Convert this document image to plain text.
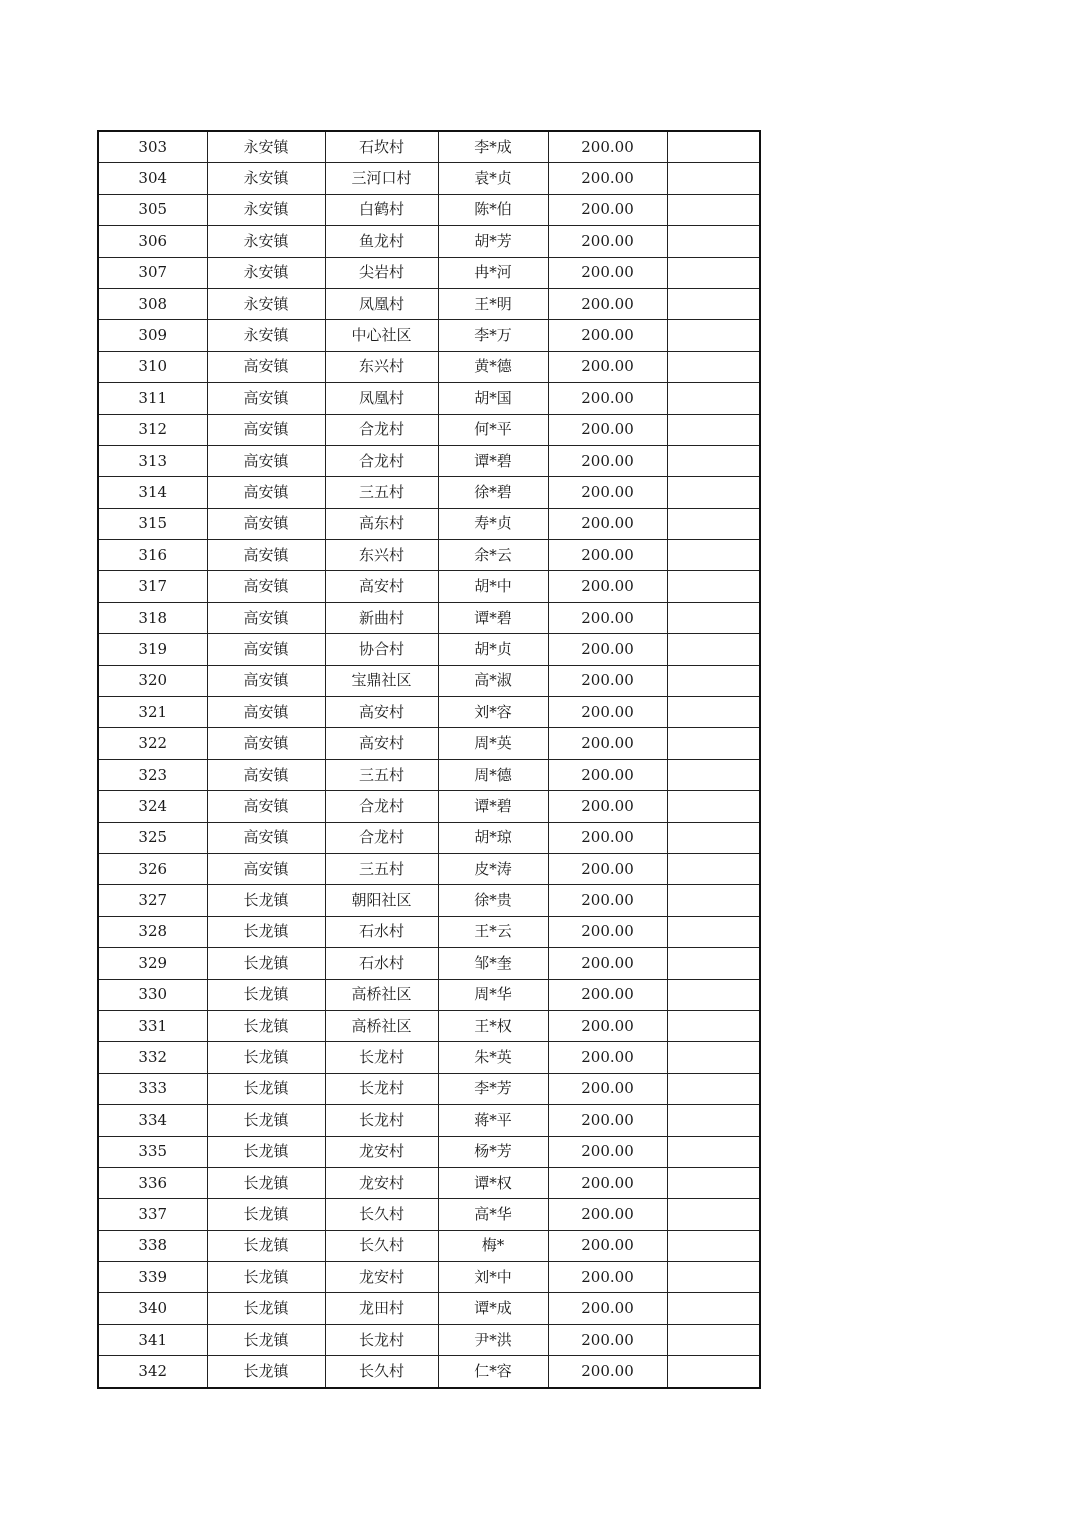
303	永安镇	石坎村	李*成	200.00	
304	永安镇	三河口村	袁*贞	200.00	
305	永安镇	白鹤村	陈*伯	200.00	
306	永安镇	鱼龙村	胡*芳	200.00	
307	永安镇	尖岩村	冉*河	200.00	
308	永安镇	凤凰村	王*明	200.00	
309	永安镇	中心社区	李*万	200.00	
310	高安镇	东兴村	黄*德	200.00	
311	高安镇	凤凰村	胡*国	200.00	
312	高安镇	合龙村	何*平	200.00	
313	高安镇	合龙村	谭*碧	200.00	
314	高安镇	三五村	徐*碧	200.00	
315	高安镇	高东村	寿*贞	200.00	
316	高安镇	东兴村	余*云	200.00	
317	高安镇	高安村	胡*中	200.00	
318	高安镇	新曲村	谭*碧	200.00	
319	高安镇	协合村	胡*贞	200.00	
320	高安镇	宝鼎社区	高*淑	200.00	
321	高安镇	高安村	刘*容	200.00	
322	高安镇	高安村	周*英	200.00	
323	高安镇	三五村	周*德	200.00	
324	高安镇	合龙村	谭*碧	200.00	
325	高安镇	合龙村	胡*琼	200.00	
326	高安镇	三五村	皮*涛	200.00	
327	长龙镇	朝阳社区	徐*贵	200.00	
328	长龙镇	石水村	王*云	200.00	
329	长龙镇	石水村	邹*奎	200.00	
330	长龙镇	高桥社区	周*华	200.00	
331	长龙镇	高桥社区	王*权	200.00	
332	长龙镇	长龙村	朱*英	200.00	
333	长龙镇	长龙村	李*芳	200.00	
334	长龙镇	长龙村	蒋*平	200.00	
335	长龙镇	龙安村	杨*芳	200.00	
336	长龙镇	龙安村	谭*权	200.00	
337	长龙镇	长久村	高*华	200.00	
338	长龙镇	长久村	梅*	200.00	
339	长龙镇	龙安村	刘*中	200.00	
340	长龙镇	龙田村	谭*成	200.00	
341	长龙镇	长龙村	尹*洪	200.00	
342	长龙镇	长久村	仁*容	200.00	
